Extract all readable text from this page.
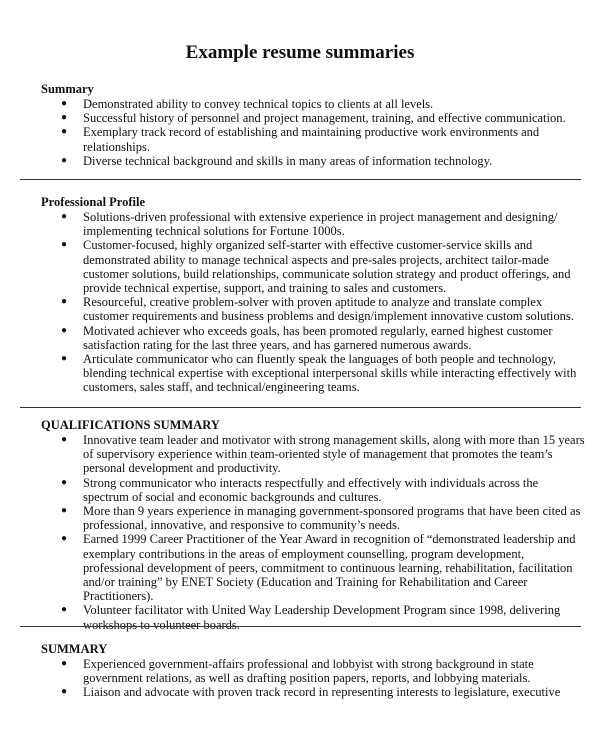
Example resume summaries
Summary
● Demonstrated ability to convey technical topics to clients at all levels.
● Successful history of personnel and project management, training, and effective communication.
● Exemplary track record of establishing and maintaining productive work environments and relationships.
● Diverse technical background and skills in many areas of information technology.
Professional Profile
● Solutions-driven professional with extensive experience in project management and designing/ implementing technical solutions for Fortune 1000s.
● Customer-focused, highly organized self-starter with effective customer-service skills and demonstrated ability to manage technical aspects and pre-sales projects, architect tailor-made customer solutions, build relationships, communicate solution strategy and product offerings, and provide technical expertise, support, and training to sales and customers.
● Resourceful, creative problem-solver with proven aptitude to analyze and translate complex customer requirements and business problems and design/implement innovative custom solutions.
● Motivated achiever who exceeds goals, has been promoted regularly, earned highest customer satisfaction rating for the last three years, and has garnered numerous awards.
● Articulate communicator who can fluently speak the languages of both people and technology, blending technical expertise with exceptional interpersonal skills while interacting effectively with customers, sales staff, and technical/engineering teams.
QUALIFICATIONS SUMMARY
● Innovative team leader and motivator with strong management skills, along with more than 15 years of supervisory experience within team-oriented style of management that promotes the team’s personal development and productivity.
● Strong communicator who interacts respectfully and effectively with individuals across the spectrum of social and economic backgrounds and cultures.
● More than 9 years experience in managing government-sponsored programs that have been cited as professional, innovative, and responsive to community’s needs.
● Earned 1999 Career Practitioner of the Year Award in recognition of “demonstrated leadership and exemplary contributions in the areas of employment counselling, program development, professional development of peers, commitment to continuous learning, rehabilitation, facilitation and/or training” by ENET Society (Education and Training for Rehabilitation and Career Practitioners).
● Volunteer facilitator with United Way Leadership Development Program since 1998, delivering workshops to volunteer boards.
SUMMARY
● Experienced government-affairs professional and lobbyist with strong background in state government relations, as well as drafting position papers, reports, and lobbying materials.
● Liaison and advocate with proven track record in representing interests to legislature, executive
